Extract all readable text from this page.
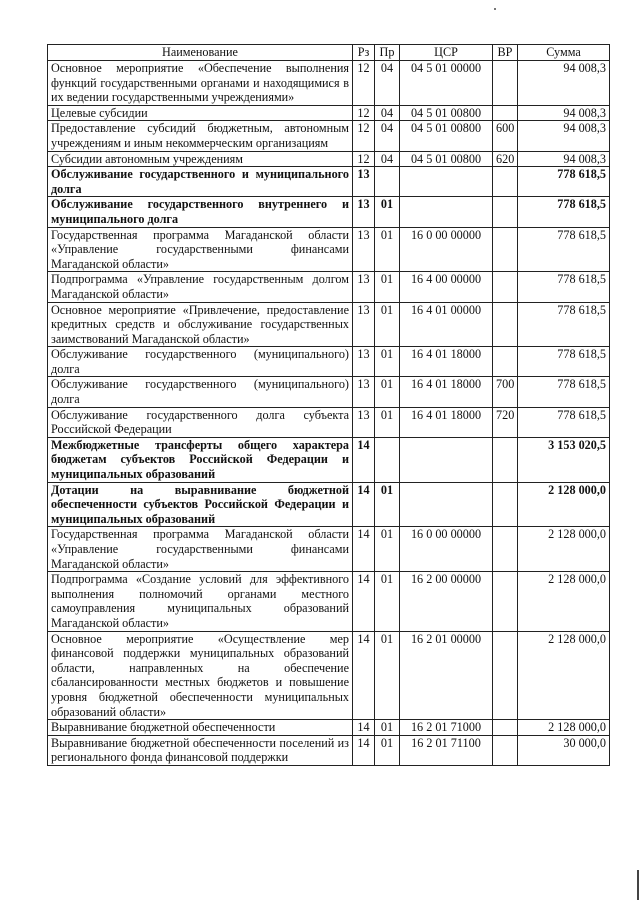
Наименование	Рз	Пр	ЦСР	ВР	Сумма
Основное мероприятие «Обеспечение выполнения функций государственными органами и находящимися в их ведении государственными учреждениями»	12	04	04 5 01 00000		94 008,3
Целевые субсидии	12	04	04 5 01 00800		94 008,3
Предоставление субсидий бюджетным, автономным учреждениям и иным некоммерческим организациям	12	04	04 5 01 00800	600	94 008,3
Субсидии автономным учреждениям	12	04	04 5 01 00800	620	94 008,3
Обслуживание государственного и муниципального долга	13				778 618,5
Обслуживание государственного внутреннего и муниципального долга	13	01			778 618,5
Государственная программа Магаданской области «Управление государственными финансами Магаданской области»	13	01	16 0 00 00000		778 618,5
Подпрограмма «Управление государственным долгом Магаданской области»	13	01	16 4 00 00000		778 618,5
Основное мероприятие «Привлечение, предоставление кредитных средств и обслуживание государственных заимствований Магаданской области»	13	01	16 4 01 00000		778 618,5
Обслуживание государственного (муниципального) долга	13	01	16 4 01 18000		778 618,5
Обслуживание государственного (муниципального) долга	13	01	16 4 01 18000	700	778 618,5
Обслуживание государственного долга субъекта Российской Федерации	13	01	16 4 01 18000	720	778 618,5
Межбюджетные трансферты общего характера бюджетам субъектов Российской Федерации и муниципальных образований	14				3 153 020,5
Дотации на выравнивание бюджетной обеспеченности субъектов Российской Федерации и муниципальных образований	14	01			2 128 000,0
Государственная программа Магаданской области «Управление государственными финансами Магаданской области»	14	01	16 0 00 00000		2 128 000,0
Подпрограмма «Создание условий для эффективного выполнения полномочий органами местного самоуправления муниципальных образований Магаданской области»	14	01	16 2 00 00000		2 128 000,0
Основное мероприятие «Осуществление мер финансовой поддержки муниципальных образований области, направленных на обеспечение сбалансированности местных бюджетов и повышение уровня бюджетной обеспеченности муниципальных образований области»	14	01	16 2 01 00000		2 128 000,0
Выравнивание бюджетной обеспеченности	14	01	16 2 01 71000		2 128 000,0
Выравнивание бюджетной обеспеченности поселений из регионального фонда финансовой поддержки	14	01	16 2 01 71100		30 000,0
